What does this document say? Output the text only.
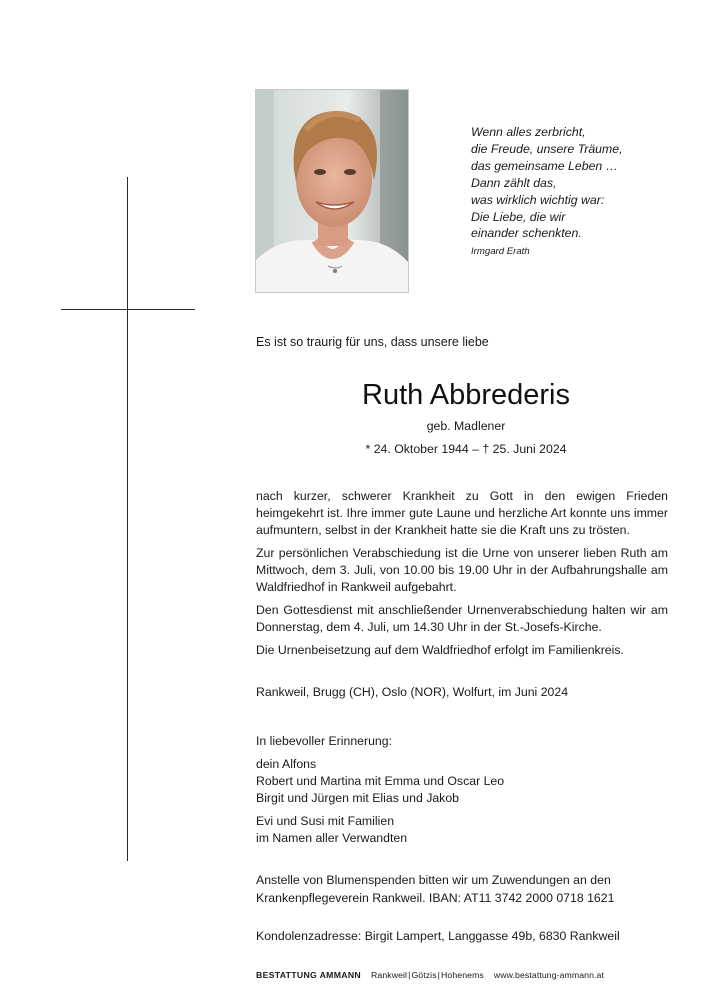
Wenn alles zerbricht,
die Freude, unsere Träume,
das gemeinsame Leben …
Dann zählt das,
was wirklich wichtig war:
Die Liebe, die wir
einander schenkten.
Irmgard Erath
Es ist so traurig für uns, dass unsere liebe
Ruth Abbrederis
geb. Madlener
* 24. Oktober 1944 – † 25. Juni 2024

nach kurzer, schwerer Krankheit zu Gott in den ewigen Frieden heimgekehrt ist. Ihre immer gute Laune und herzliche Art konnte uns immer aufmuntern, selbst in der Krankheit hatte sie die Kraft uns zu trösten.

Zur persönlichen Verabschiedung ist die Urne von unserer lieben Ruth am Mittwoch, dem 3. Juli, von 10.00 bis 19.00 Uhr in der Aufbahrungshalle am Waldfriedhof in Rankweil aufgebahrt.

Den Gottesdienst mit anschließender Urnenverabschiedung halten wir am Donnerstag, dem 4. Juli, um 14.30 Uhr in der St.-Josefs-Kirche.

Die Urnenbeisetzung auf dem Waldfriedhof erfolgt im Familienkreis.

Rankweil, Brugg (CH), Oslo (NOR), Wolfurt, im Juni 2024
In liebevoller Erinnerung:
dein Alfons
Robert und Martina mit Emma und Oscar Leo
Birgit und Jürgen mit Elias und Jakob
Evi und Susi mit Familien
im Namen aller Verwandten
Anstelle von Blumenspenden bitten wir um Zuwendungen an den
Krankenpflegeverein Rankweil. IBAN: AT11 3742 2000 0718 1621
Kondolenzadresse: Birgit Lampert, Langgasse 49b, 6830 Rankweil
BESTATTUNG AMMANN Rankweil|Götzis|Hohenems www.bestattung-ammann.at
